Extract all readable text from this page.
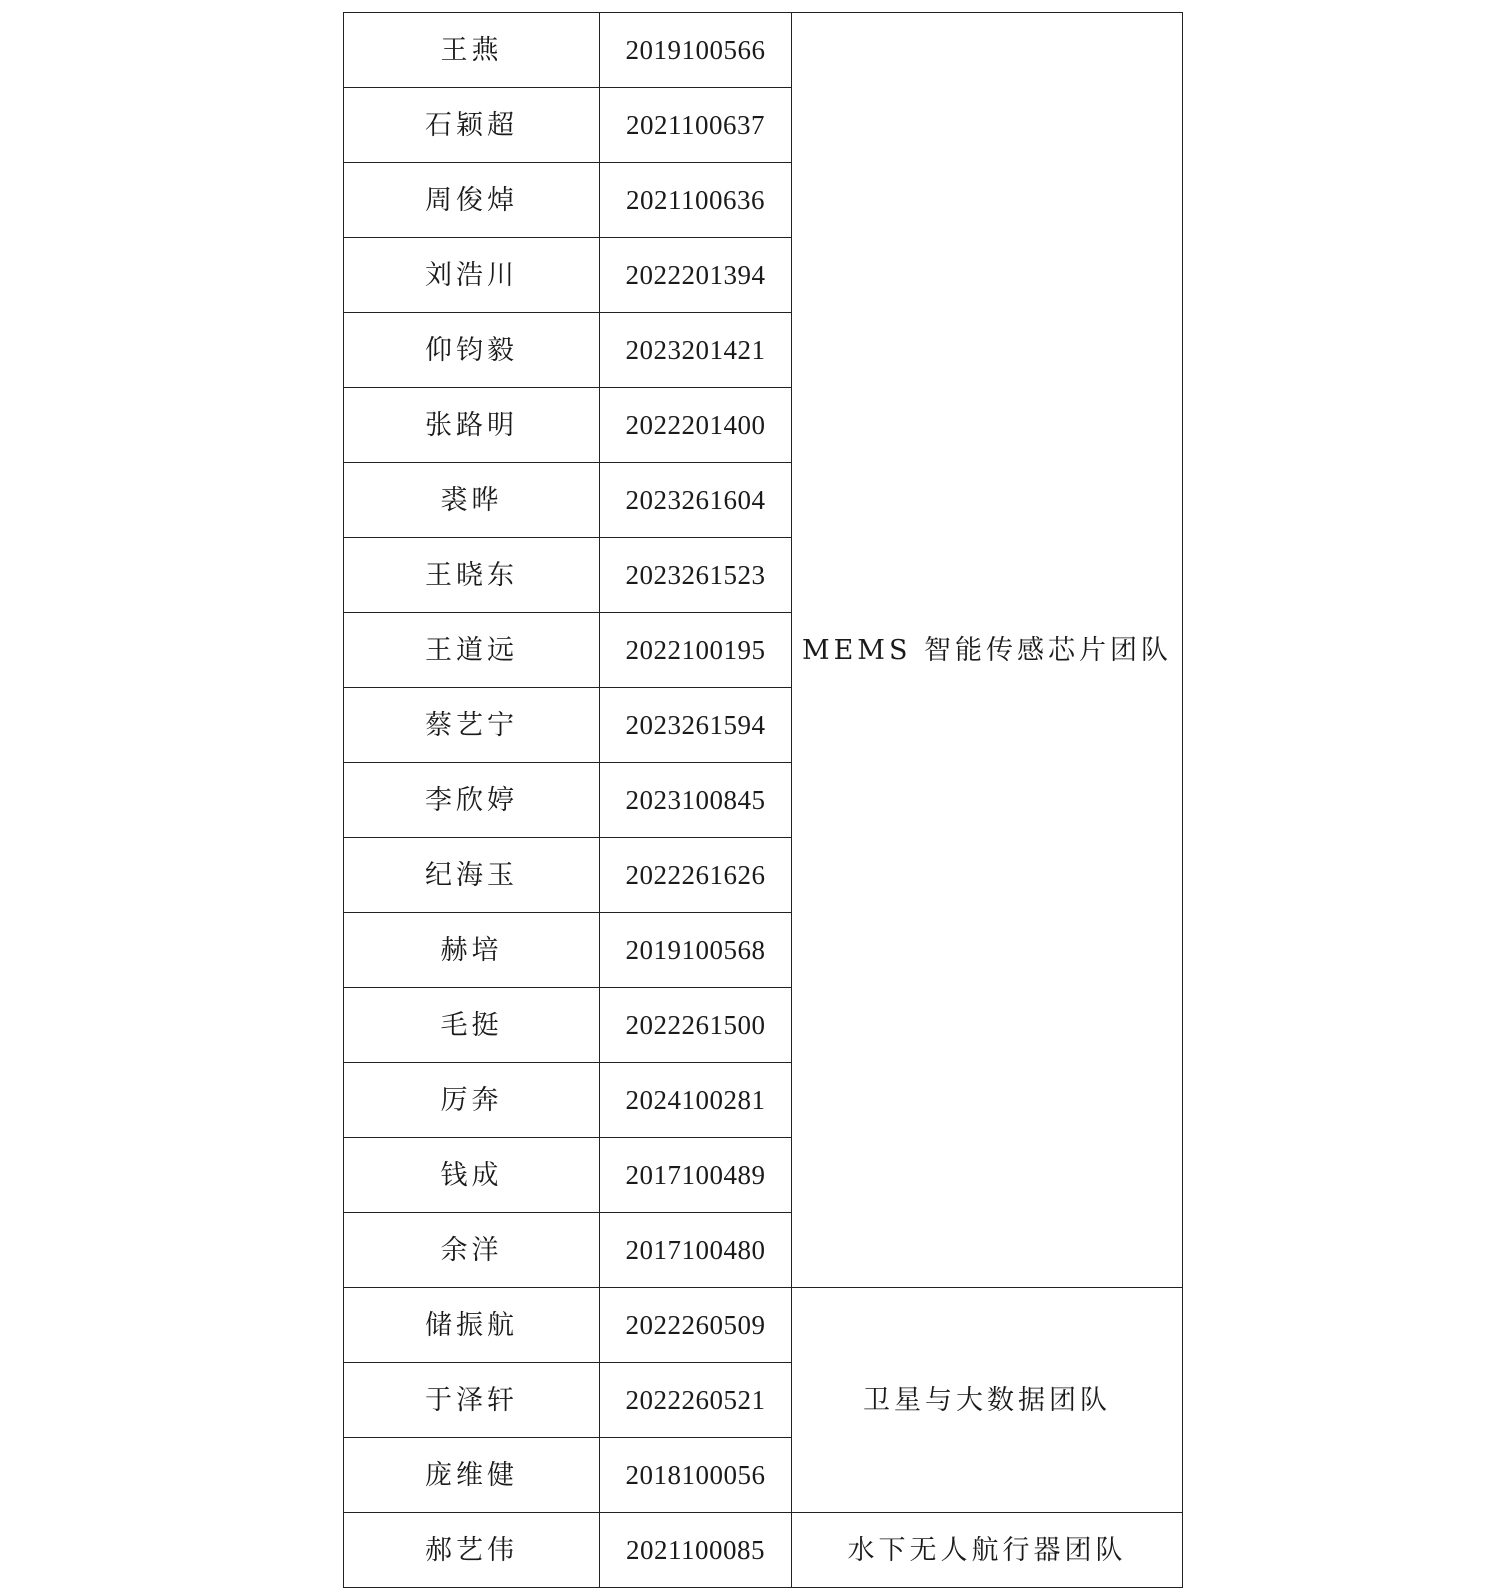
王燕	2019100566	MEMS 智能传感芯片团队
石颖超	2021100637	
周俊焯	2021100636	
刘浩川	2022201394	
仰钧毅	2023201421	
张路明	2022201400	
裘晔	2023261604	
王晓东	2023261523	
王道远	2022100195	
蔡艺宁	2023261594	
李欣婷	2023100845	
纪海玉	2022261626	
赫培	2019100568	
毛挺	2022261500	
厉奔	2024100281	
钱成	2017100489	
余洋	2017100480	
储振航	2022260509	卫星与大数据团队
于泽轩	2022260521	
庞维健	2018100056	
郝艺伟	2021100085	水下无人航行器团队
